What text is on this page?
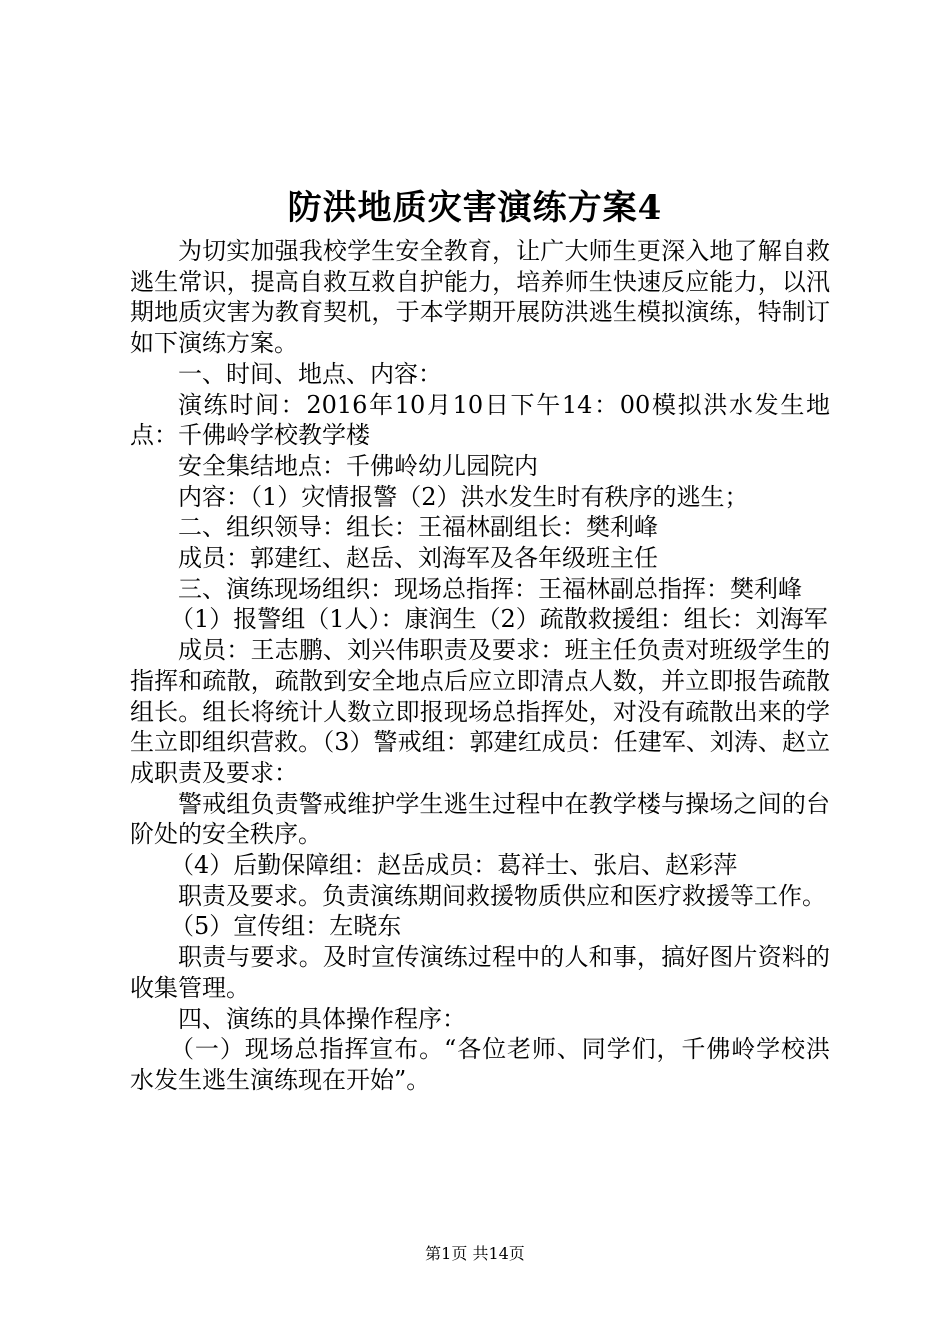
防洪地质灾害演练方案4

为切实加强我校学生安全教育，让广大师生更深入地了解自救逃生常识，提高自救互救自护能力，培养师生快速反应能力，以汛期地质灾害为教育契机，于本学期开展防洪逃生模拟演练，特制订如下演练方案。

一、时间、地点、内容：

演练时间：2016年10月10日下午14：00模拟洪水发生地点：千佛岭学校教学楼

安全集结地点：千佛岭幼儿园院内

内容：（1）灾情报警（2）洪水发生时有秩序的逃生；

二、组织领导：组长：王福林副组长：樊利峰

成员：郭建红、赵岳、刘海军及各年级班主任

三、演练现场组织：现场总指挥：王福林副总指挥：樊利峰

（1）报警组（1人）：康润生（2）疏散救援组：组长：刘海军

成员：王志鹏、刘兴伟职责及要求：班主任负责对班级学生的指挥和疏散，疏散到安全地点后应立即清点人数，并立即报告疏散组长。组长将统计人数立即报现场总指挥处，对没有疏散出来的学生立即组织营救。（3）警戒组：郭建红成员：任建军、刘涛、赵立成职责及要求：

警戒组负责警戒维护学生逃生过程中在教学楼与操场之间的台阶处的安全秩序。

（4）后勤保障组：赵岳成员：葛祥士、张启、赵彩萍

职责及要求。负责演练期间救援物质供应和医疗救援等工作。

（5）宣传组：左晓东

职责与要求。及时宣传演练过程中的人和事，搞好图片资料的收集管理。

四、演练的具体操作程序：

（一）现场总指挥宣布。“各位老师、同学们，千佛岭学校洪水发生逃生演练现在开始”。

第1页 共14页
